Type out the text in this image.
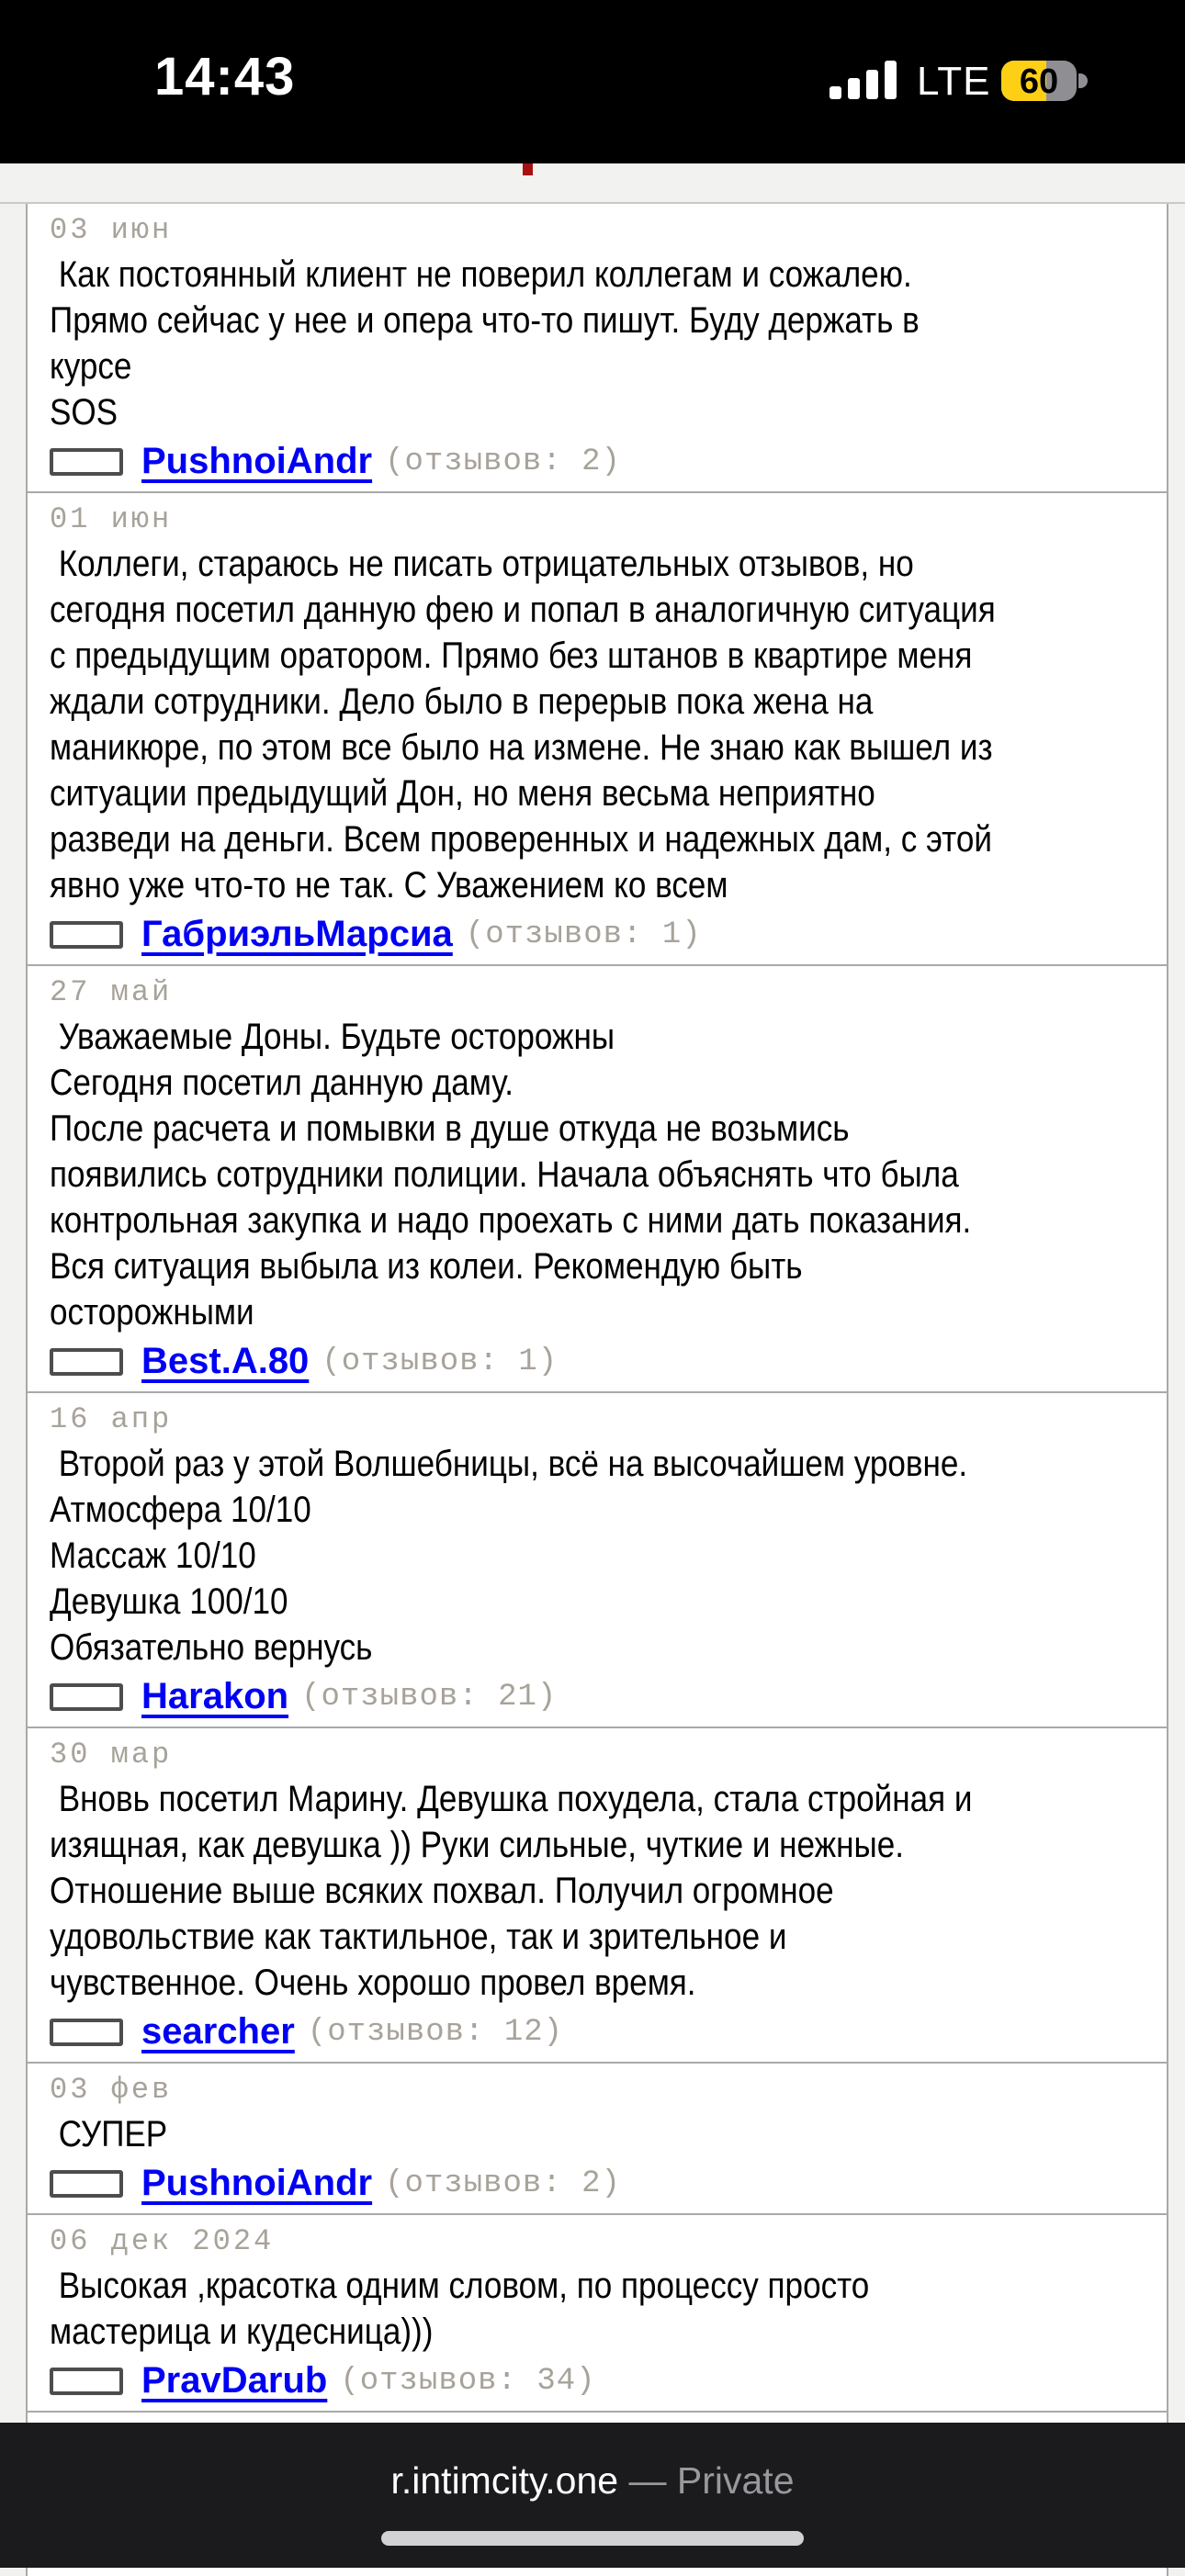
14:43	LTE 60
03 июн
Как постоянный клиент не поверил коллегам и сожалею.
Прямо сейчас у нее и опера что-то пишут. Буду держать в
курсе
SOS
PushnoiAndr (отзывов: 2)
01 июн
Коллеги, стараюсь не писать отрицательных отзывов, но
сегодня посетил данную фею и попал в аналогичную ситуация
с предыдущим оратором. Прямо без штанов в квартире меня
ждали сотрудники. Дело было в перерыв пока жена на
маникюре, по этом все было на измене. Не знаю как вышел из
ситуации предыдущий Дон, но меня весьма неприятно
разведи на деньги. Всем проверенных и надежных дам, с этой
явно уже что-то не так. С Уважением ко всем
ГабриэльМарсиа (отзывов: 1)
27 май
Уважаемые Доны. Будьте осторожны
Сегодня посетил данную даму.
После расчета и помывки в душе откуда не возьмись
появились сотрудники полиции. Начала объяснять что была
контрольная закупка и надо проехать с ними дать показания.
Вся ситуация выбыла из колеи. Рекомендую быть
осторожными
Best.A.80 (отзывов: 1)
16 апр
Второй раз у этой Волшебницы, всё на высочайшем уровне.
Атмосфера 10/10
Массаж 10/10
Девушка 100/10
Обязательно вернусь
Harakon (отзывов: 21)
30 мар
Вновь посетил Марину. Девушка похудела, стала стройная и
изящная, как девушка )) Руки сильные, чуткие и нежные.
Отношение выше всяких похвал. Получил огромное
удовольствие как тактильное, так и зрительное и
чувственное. Очень хорошо провел время.
searcher (отзывов: 12)
03 фев
СУПЕР
PushnoiAndr (отзывов: 2)
06 дек 2024
Высокая ,красотка одним словом, по процессу просто
мастерица и кудесница)))
PravDarub (отзывов: 34)
r.intimcity.one — Private
